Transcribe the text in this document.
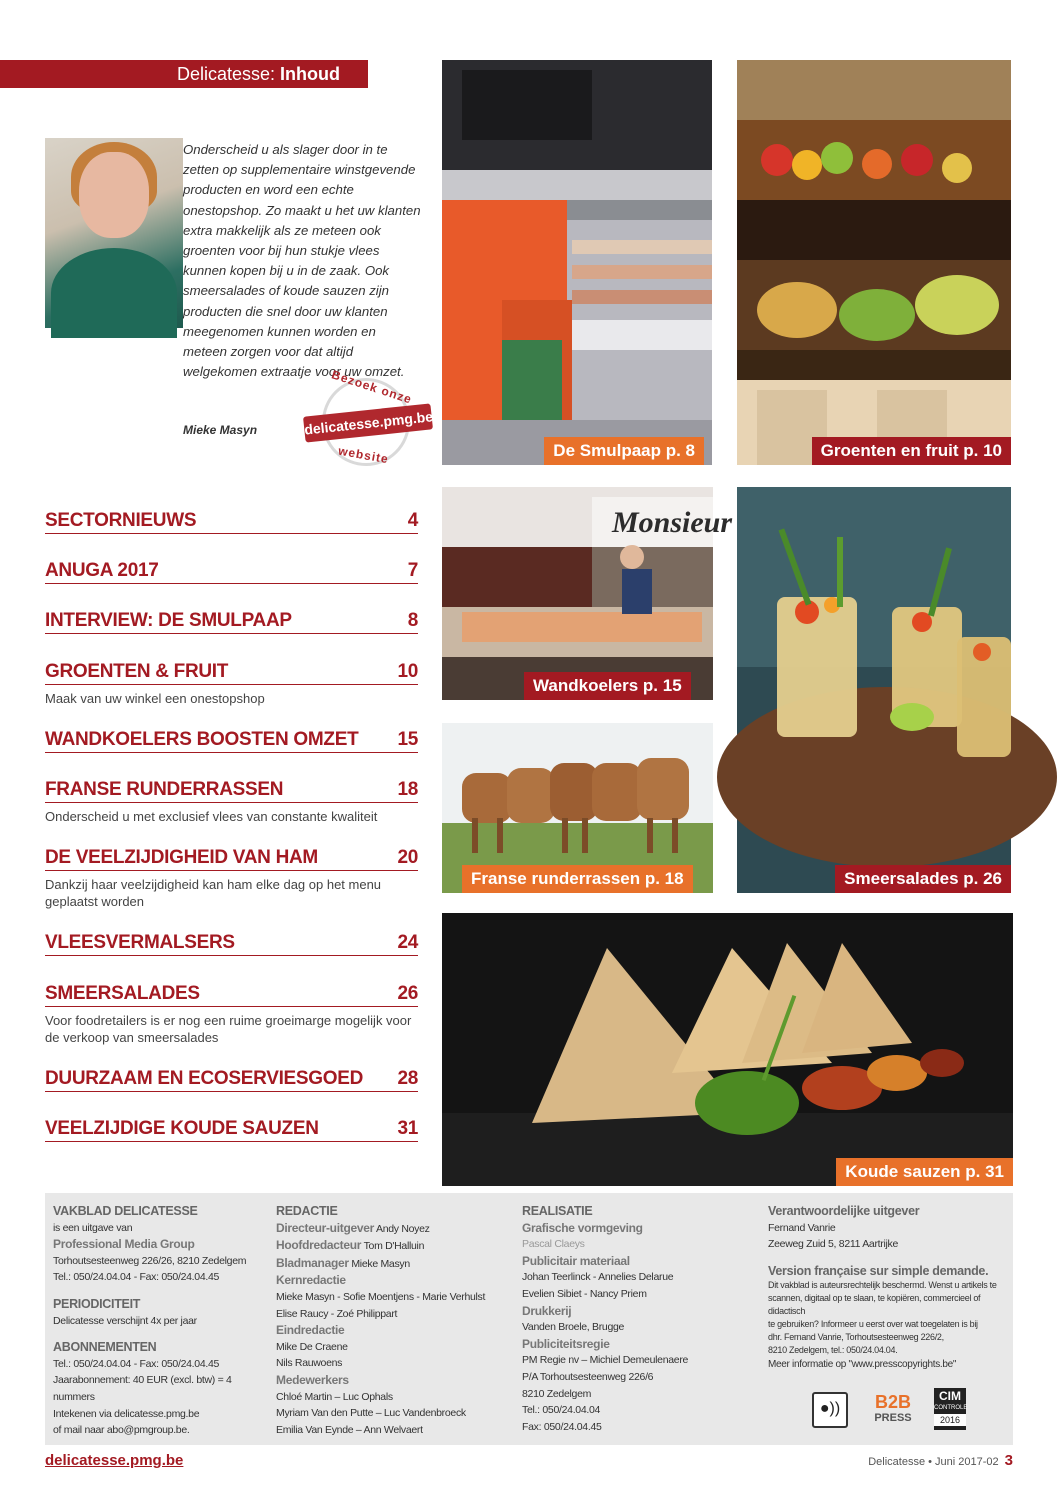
Delicatesse: Inhoud
Onderscheid u als slager door in te zetten op supplementaire winstgevende producten en word een echte onestopshop. Zo maakt u het uw klanten extra makkelijk als ze meteen ook groenten voor bij hun stukje vlees kunnen kopen bij u in de zaak. Ook smeersalades of koude sauzen zijn producten die snel door uw klanten meegenomen kunnen worden en meteen zorgen voor dat altijd welgekomen extraatje voor uw omzet.
Mieke Masyn
Bezoek onze
delicatesse.pmg.be
website
SECTORNIEUWS	4
ANUGA 2017	7
INTERVIEW: DE SMULPAAP	8
GROENTEN & FRUIT	10
Maak van uw winkel een onestopshop
WANDKOELERS BOOSTEN OMZET 15
FRANSE RUNDERRASSEN	18
Onderscheid u met exclusief vlees van constante kwaliteit
DE VEELZIJDIGHEID VAN HAM	20
Dankzij haar veelzijdigheid kan ham elke dag op het menu geplaatst worden
VLEESVERMALSERS	24
SMEERSALADES	26
Voor foodretailers is er nog een ruime groeimarge mogelijk voor de verkoop van smeersalades
DUURZAAM EN ECOSERVIESGOED 28
VEELZIJDIGE KOUDE SAUZEN	31
De Smulpaap p. 8	Groenten en fruit p. 10
Monsieur
Wandkoelers p. 15
Smeersalades p. 26
Franse runderrassen p. 18
Koude sauzen p. 31
VAKBLAD DELICATESSE
is een uitgave van
Professional Media Group
Torhoutsesteenweg 226/26, 8210 Zedelgem
Tel.: 050/24.04.04 - Fax: 050/24.04.45
PERIODICITEIT
Delicatesse verschijnt 4x per jaar
ABONNEMENTEN
Tel.: 050/24.04.04 - Fax: 050/24.04.45
Jaarabonnement: 40 EUR (excl. btw) = 4 nummers
Intekenen via delicatesse.pmg.be
of mail naar abo@pmgroup.be.
REDACTIE
Directeur-uitgever Andy Noyez
Hoofdredacteur Tom D'Halluin
Bladmanager Mieke Masyn
Kernredactie
Mieke Masyn - Sofie Moentjens - Marie Verhulst
Elise Raucy - Zoé Philippart
Eindredactie
Mike De Craene
Nils Rauwoens
Medewerkers
Chloé Martin – Luc Ophals
Myriam Van den Putte – Luc Vandenbroeck
Emilia Van Eynde – Ann Welvaert
REALISATIE
Grafische vormgeving
Pascal Claeys
Publicitair materiaal
Johan Teerlinck - Annelies Delarue
Evelien Sibiet - Nancy Priem
Drukkerij
Vanden Broele, Brugge
Publiciteitsregie
PM Regie nv – Michiel Demeulenaere
P/A Torhoutsesteenweg 226/6
8210 Zedelgem
Tel.: 050/24.04.04
Fax: 050/24.04.45
Verantwoordelijke uitgever
Fernand Vanrie
Zeeweg Zuid 5, 8211 Aartrijke
Version française sur simple demande.
Dit vakblad is auteursrechtelijk beschermd. Wenst u artikels te
scannen, digitaal op te slaan, te kopiëren, commercieel of didactisch
te gebruiken? Informeer u eerst over wat toegelaten is bij
dhr. Fernand Vanrie, Torhoutsesteenweg 226/2,
8210 Zedelgem, tel.: 050/24.04.04.
Meer informatie op "www.presscopyrights.be"
●))	B2B
PRESS
CIM
CONTROLE
2016
delicatesse.pmg.be	Delicatesse • Juni 2017-02 3
